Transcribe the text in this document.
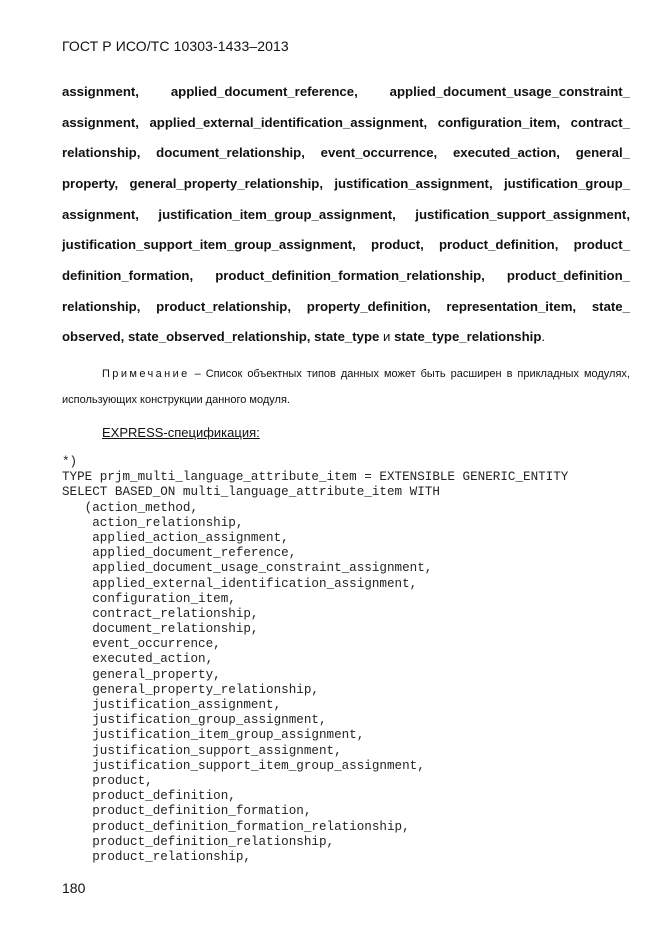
ГОСТ Р ИСО/ТС 10303-1433–2013
assignment, applied_document_reference, applied_document_usage_constraint_
assignment, applied_external_identification_assignment, configuration_item, contract_
relationship, document_relationship, event_occurrence, executed_action, general_
property, general_property_relationship, justification_assignment, justification_group_
assignment, justification_item_group_assignment, justification_support_assignment,
justification_support_item_group_assignment, product, product_definition, product_
definition_formation, product_definition_formation_relationship, product_definition_
relationship, product_relationship, property_definition, representation_item, state_
observed, state_observed_relationship, state_type и state_type_relationship .
Примечание – Список объектных типов данных может быть расширен в прикладных модулях,
использующих конструкции данного модуля.
EXPRESS-спецификация:
*)
TYPE prjm_multi_language_attribute_item = EXTENSIBLE GENERIC_ENTITY
SELECT BASED_ON multi_language_attribute_item WITH
(action_method,
action_relationship,
applied_action_assignment,
applied_document_reference,
applied_document_usage_constraint_assignment,
applied_external_identification_assignment,
configuration_item,
contract_relationship,
document_relationship,
event_occurrence,
executed_action,
general_property,
general_property_relationship,
justification_assignment,
justification_group_assignment,
justification_item_group_assignment,
justification_support_assignment,
justification_support_item_group_assignment,
product,
product_definition,
product_definition_formation,
product_definition_formation_relationship,
product_definition_relationship,
product_relationship,
180
